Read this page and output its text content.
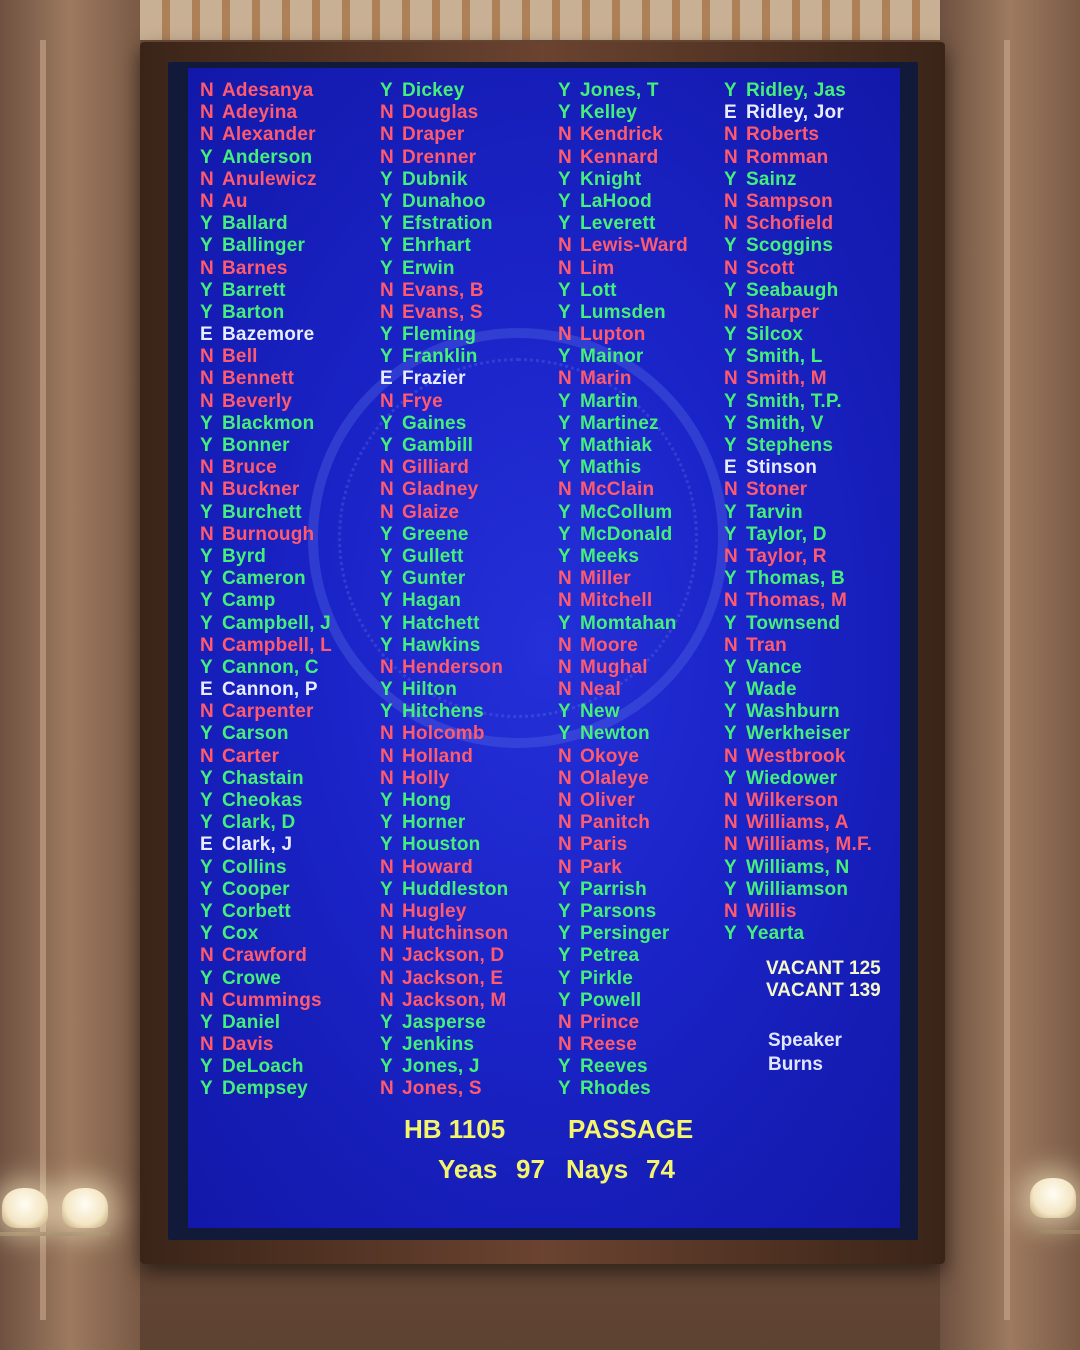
N Adesanya
N Adeyina
N Alexander
Y Anderson
N Anulewicz
N Au
Y Ballard
Y Ballinger
N Barnes
Y Barrett
Y Barton
E Bazemore
N Bell
N Bennett
N Beverly
Y Blackmon
Y Bonner
N Bruce
N Buckner
Y Burchett
N Burnough
Y Byrd
Y Cameron
Y Camp
Y Campbell, J
N Campbell, L
Y Cannon, C
E Cannon, P
N Carpenter
Y Carson
N Carter
Y Chastain
Y Cheokas
Y Clark, D
E Clark, J
Y Collins
Y Cooper
Y Corbett
Y Cox
N Crawford
Y Crowe
N Cummings
Y Daniel
N Davis
Y DeLoach
Y Dempsey
Y Dickey
N Douglas
N Draper
N Drenner
Y Dubnik
Y Dunahoo
Y Efstration
Y Ehrhart
Y Erwin
N Evans, B
N Evans, S
Y Fleming
Y Franklin
E Frazier
N Frye
Y Gaines
Y Gambill
N Gilliard
N Gladney
N Glaize
Y Greene
Y Gullett
Y Gunter
Y Hagan
Y Hatchett
Y Hawkins
N Henderson
Y Hilton
Y Hitchens
N Holcomb
N Holland
N Holly
Y Hong
Y Horner
Y Houston
N Howard
Y Huddleston
N Hugley
N Hutchinson
N Jackson, D
N Jackson, E
N Jackson, M
Y Jasperse
Y Jenkins
Y Jones, J
N Jones, S
Y Jones, T
Y Kelley
N Kendrick
N Kennard
Y Knight
Y LaHood
Y Leverett
N Lewis-Ward
N Lim
Y Lott
Y Lumsden
N Lupton
Y Mainor
N Marin
Y Martin
Y Martinez
Y Mathiak
Y Mathis
N McClain
Y McCollum
Y McDonald
Y Meeks
N Miller
N Mitchell
Y Momtahan
N Moore
N Mughal
N Neal
Y New
Y Newton
N Okoye
N Olaleye
N Oliver
N Panitch
N Paris
N Park
Y Parrish
Y Parsons
Y Persinger
Y Petrea
Y Pirkle
Y Powell
N Prince
N Reese
Y Reeves
Y Rhodes
Y Ridley, Jas
E Ridley, Jor
N Roberts
N Romman
Y Sainz
N Sampson
N Schofield
Y Scoggins
N Scott
Y Seabaugh
N Sharper
Y Silcox
Y Smith, L
N Smith, M
Y Smith, T.P.
Y Smith, V
Y Stephens
E Stinson
N Stoner
Y Tarvin
Y Taylor, D
N Taylor, R
Y Thomas, B
N Thomas, M
Y Townsend
N Tran
Y Vance
Y Wade
Y Washburn
Y Werkheiser
N Westbrook
Y Wiedower
N Wilkerson
N Williams, A
N Williams, M.F.
Y Williams, N
Y Williamson
N Willis
Y Yearta
VACANT 125
VACANT 139
Speaker
Burns
HB 1105 PASSAGE
Yeas 97 Nays 74
